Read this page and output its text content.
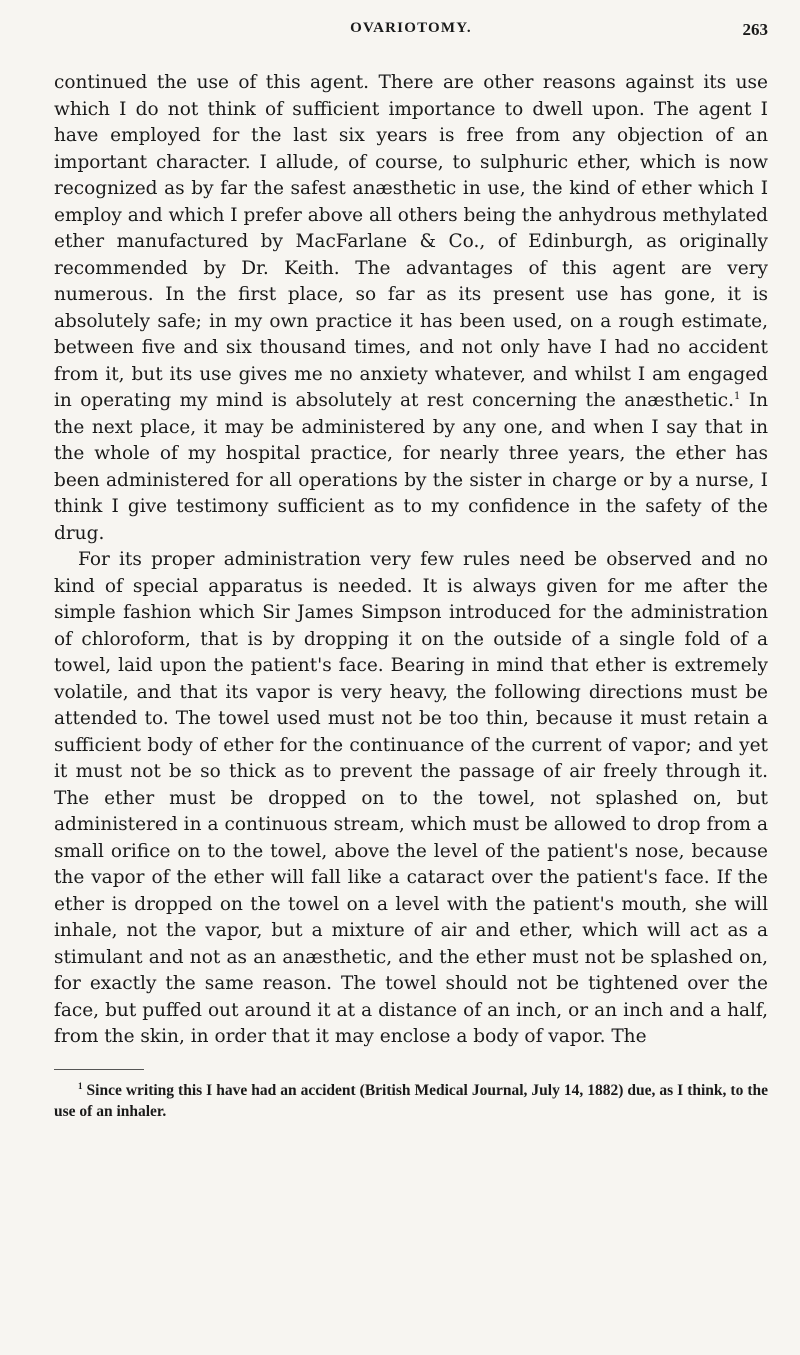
OVARIOTOMY.	263

continued the use of this agent. There are other reasons against its use which I do not think of sufficient importance to dwell upon. The agent I have employed for the last six years is free from any objection of an important character. I allude, of course, to sulphuric ether, which is now recognized as by far the safest anæsthetic in use, the kind of ether which I employ and which I prefer above all others being the anhydrous methylated ether manufactured by MacFarlane & Co., of Edinburgh, as originally recommended by Dr. Keith. The advantages of this agent are very numerous. In the first place, so far as its present use has gone, it is absolutely safe; in my own practice it has been used, on a rough estimate, between five and six thousand times, and not only have I had no accident from it, but its use gives me no anxiety whatever, and whilst I am engaged in operating my mind is absolutely at rest concerning the anæsthetic.$^1$ In the next place, it may be administered by any one, and when I say that in the whole of my hospital practice, for nearly three years, the ether has been administered for all operations by the sister in charge or by a nurse, I think I give testimony sufficient as to my confidence in the safety of the drug.

For its proper administration very few rules need be observed and no kind of special apparatus is needed. It is always given for me after the simple fashion which Sir James Simpson introduced for the administration of chloroform, that is by dropping it on the outside of a single fold of a towel, laid upon the patient's face. Bearing in mind that ether is extremely volatile, and that its vapor is very heavy, the following directions must be attended to. The towel used must not be too thin, because it must retain a sufficient body of ether for the continuance of the current of vapor; and yet it must not be so thick as to prevent the passage of air freely through it. The ether must be dropped on to the towel, not splashed on, but administered in a continuous stream, which must be allowed to drop from a small orifice on to the towel, above the level of the patient's nose, because the vapor of the ether will fall like a cataract over the patient's face. If the ether is dropped on the towel on a level with the patient's mouth, she will inhale, not the vapor, but a mixture of air and ether, which will act as a stimulant and not as an anæsthetic, and the ether must not be splashed on, for exactly the same reason. The towel should not be tightened over the face, but puffed out around it at a distance of an inch, or an inch and a half, from the skin, in order that it may enclose a body of vapor. The

$^1$ Since writing this I have had an accident (British Medical Journal, July 14, 1882) due, as I think, to the use of an inhaler.
